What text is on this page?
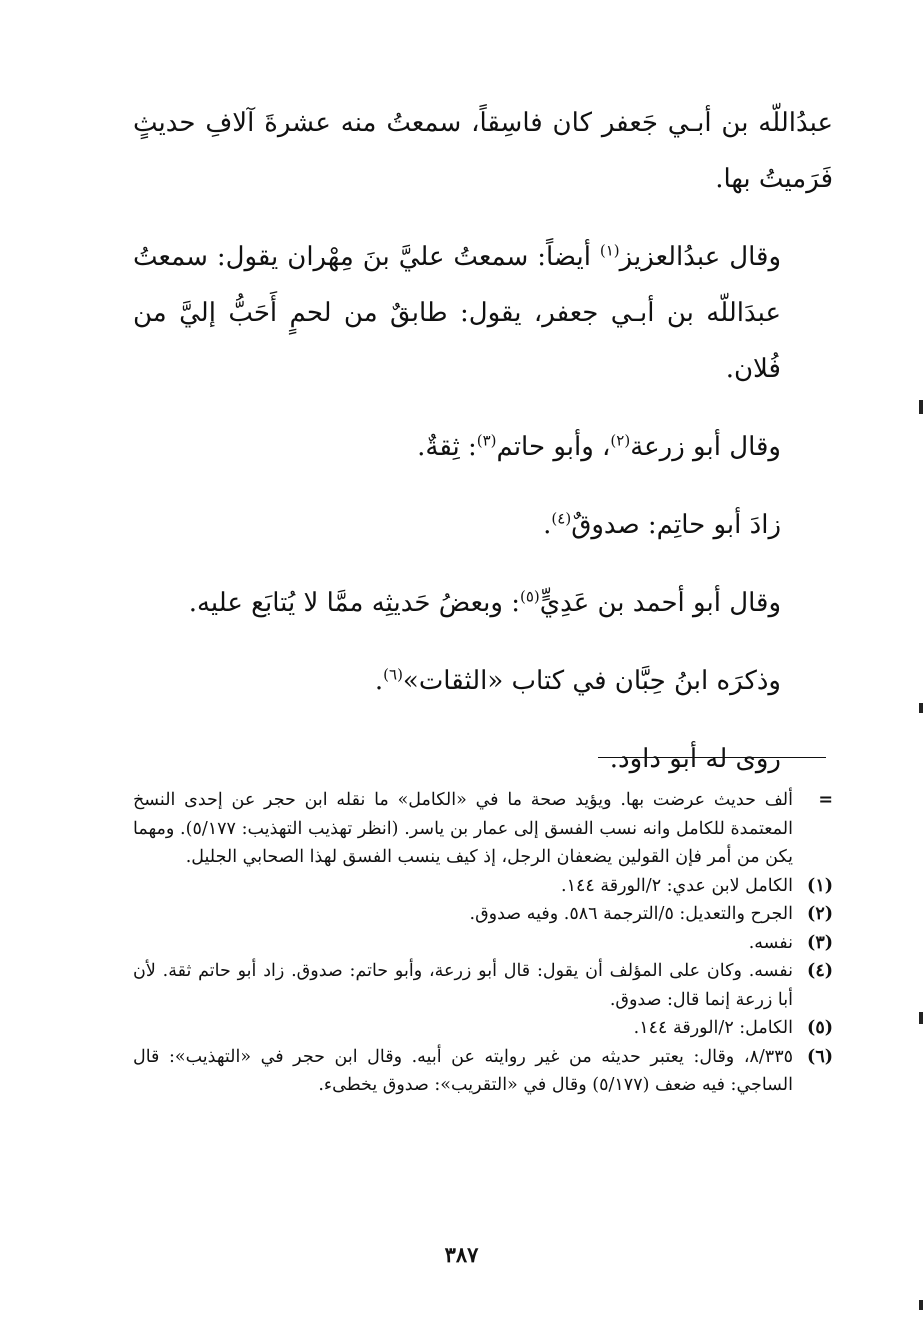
عبدُاللّه بن أبـي جَعفر كان فاسِقاً، سمعتُ منه عشرةَ آلافِ حديثٍ فَرَميتُ بها.

وقال عبدُالعزيز$^{(١)}$ أيضاً: سمعتُ عليَّ بنَ مِهْران يقول: سمعتُ عبدَاللّه بن أبـي جعفر، يقول: طابقٌ من لحمٍ أَحَبُّ إليَّ من فُلان.

وقال أبو زرعة$^{(٢)}$، وأبو حاتم$^{(٣)}$: ثِقةٌ.

زادَ أبو حاتِم: صدوقٌ$^{(٤)}$.

وقال أبو أحمد بن عَدِيٍّ$^{(٥)}$: وبعضُ حَديثِه ممَّا لا يُتابَع عليه.

وذكرَه ابنُ حِبَّان في كتاب «الثقات»$^{(٦)}$.

روى له أبو داود.

=
ألف حديث عرضت بها. ويؤيد صحة ما في «الكامل» ما نقله ابن حجر عن إحدى النسخ المعتمدة للكامل وانه نسب الفسق إلى عمار بن ياسر. (انظر تهذيب التهذيب: ٥/١٧٧). ومهما يكن من أمر فإن القولين يضعفان الرجل، إذ كيف ينسب الفسق لهذا الصحابي الجليل.
(١)
الكامل لابن عدي: ٢/الورقة ١٤٤.
(٢)
الجرح والتعديل: ٥/الترجمة ٥٨٦. وفيه صدوق.
(٣)
نفسه.
(٤)
نفسه. وكان على المؤلف أن يقول: قال أبو زرعة، وأبو حاتم: صدوق. زاد أبو حاتم ثقة. لأن أبا زرعة إنما قال: صدوق.
(٥)
الكامل: ٢/الورقة ١٤٤.
(٦)
٨/٣٣٥، وقال: يعتبر حديثه من غير روايته عن أبيه. وقال ابن حجر في «التهذيب»: قال الساجي: فيه ضعف (٥/١٧٧) وقال في «التقريب»: صدوق يخطىء.
٣٨٧
